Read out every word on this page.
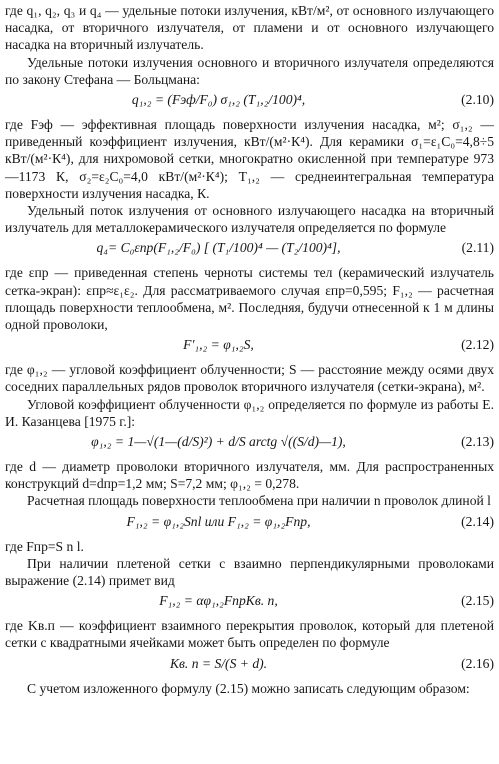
где q₁, q₂, q₃ и q₄ — удельные потоки излучения, кВт/м², от основного излучающего насадка, от вторичного излучателя, от пламени и от основного излучающего насадка на вторичный излучатель.

Удельные потоки излучения основного и вторичного излучателя определяются по закону Стефана — Больцмана:

q₁,₂ = (Fэф/F₀) σ₁,₂ (T₁,₂/100)⁴,	(2.10)

где Fэф — эффективная площадь поверхности излучения насадка, м²; σ₁,₂ — приведенный коэффициент излучения, кВт/(м²·К⁴). Для керамики σ₁=ε₁C₀=4,8÷5 кВт/(м²·К⁴), для нихромовой сетки, многократно окисленной при температуре 973—1173 К, σ₂=ε₂C₀=4,0 кВт/(м²·К⁴); T₁,₂ — среднеинтегральная температура поверхности излучения насадка, К.

Удельный поток излучения от основного излучающего насадка на вторичный излучатель для металлокерамического излучателя определяется по формуле

q₄= C₀εпр(F₁,₂/F₀) [ (T₁/100)⁴ — (T₂/100)⁴],	(2.11)

где εпр — приведенная степень черноты системы тел (керамический излучатель сетка-экран): εпр≈ε₁ε₂. Для рассматриваемого случая εпр=0,595; F₁,₂ — расчетная площадь поверхности теплообмена, м². Последняя, будучи отнесенной к 1 м длины одной проволоки,

F′₁,₂ = φ₁,₂S,	(2.12)

где φ₁,₂ — угловой коэффициент облученности; S — расстояние между осями двух соседних параллельных рядов проволок вторичного излучателя (сетки-экрана), м².

Угловой коэффициент облученности φ₁,₂ определяется по формуле из работы Е. И. Казанцева [1975 г.]:

φ₁,₂ = 1—√(1—(d/S)²) + d/S arctg √((S/d)—1),	(2.13)

где d — диаметр проволоки вторичного излучателя, мм. Для распространенных конструкций d=dпр=1,2 мм; S=7,2 мм; φ₁,₂ = 0,278.

Расчетная площадь поверхности теплообмена при наличии n проволок длиной l

F₁,₂ = φ₁,₂Snl или F₁,₂ = φ₁,₂Fпр,	(2.14)

где Fпр=S n l.

При наличии плетеной сетки с взаимно перпендикулярными проволоками выражение (2.14) примет вид

F₁,₂ = αφ₁,₂FпрKв. п,	(2.15)

где Kв.п — коэффициент взаимного перекрытия проволок, который для плетеной сетки с квадратными ячейками может быть определен по формуле

Kв. п = S/(S + d).	(2.16)

С учетом изложенного формулу (2.15) можно записать следующим образом:
